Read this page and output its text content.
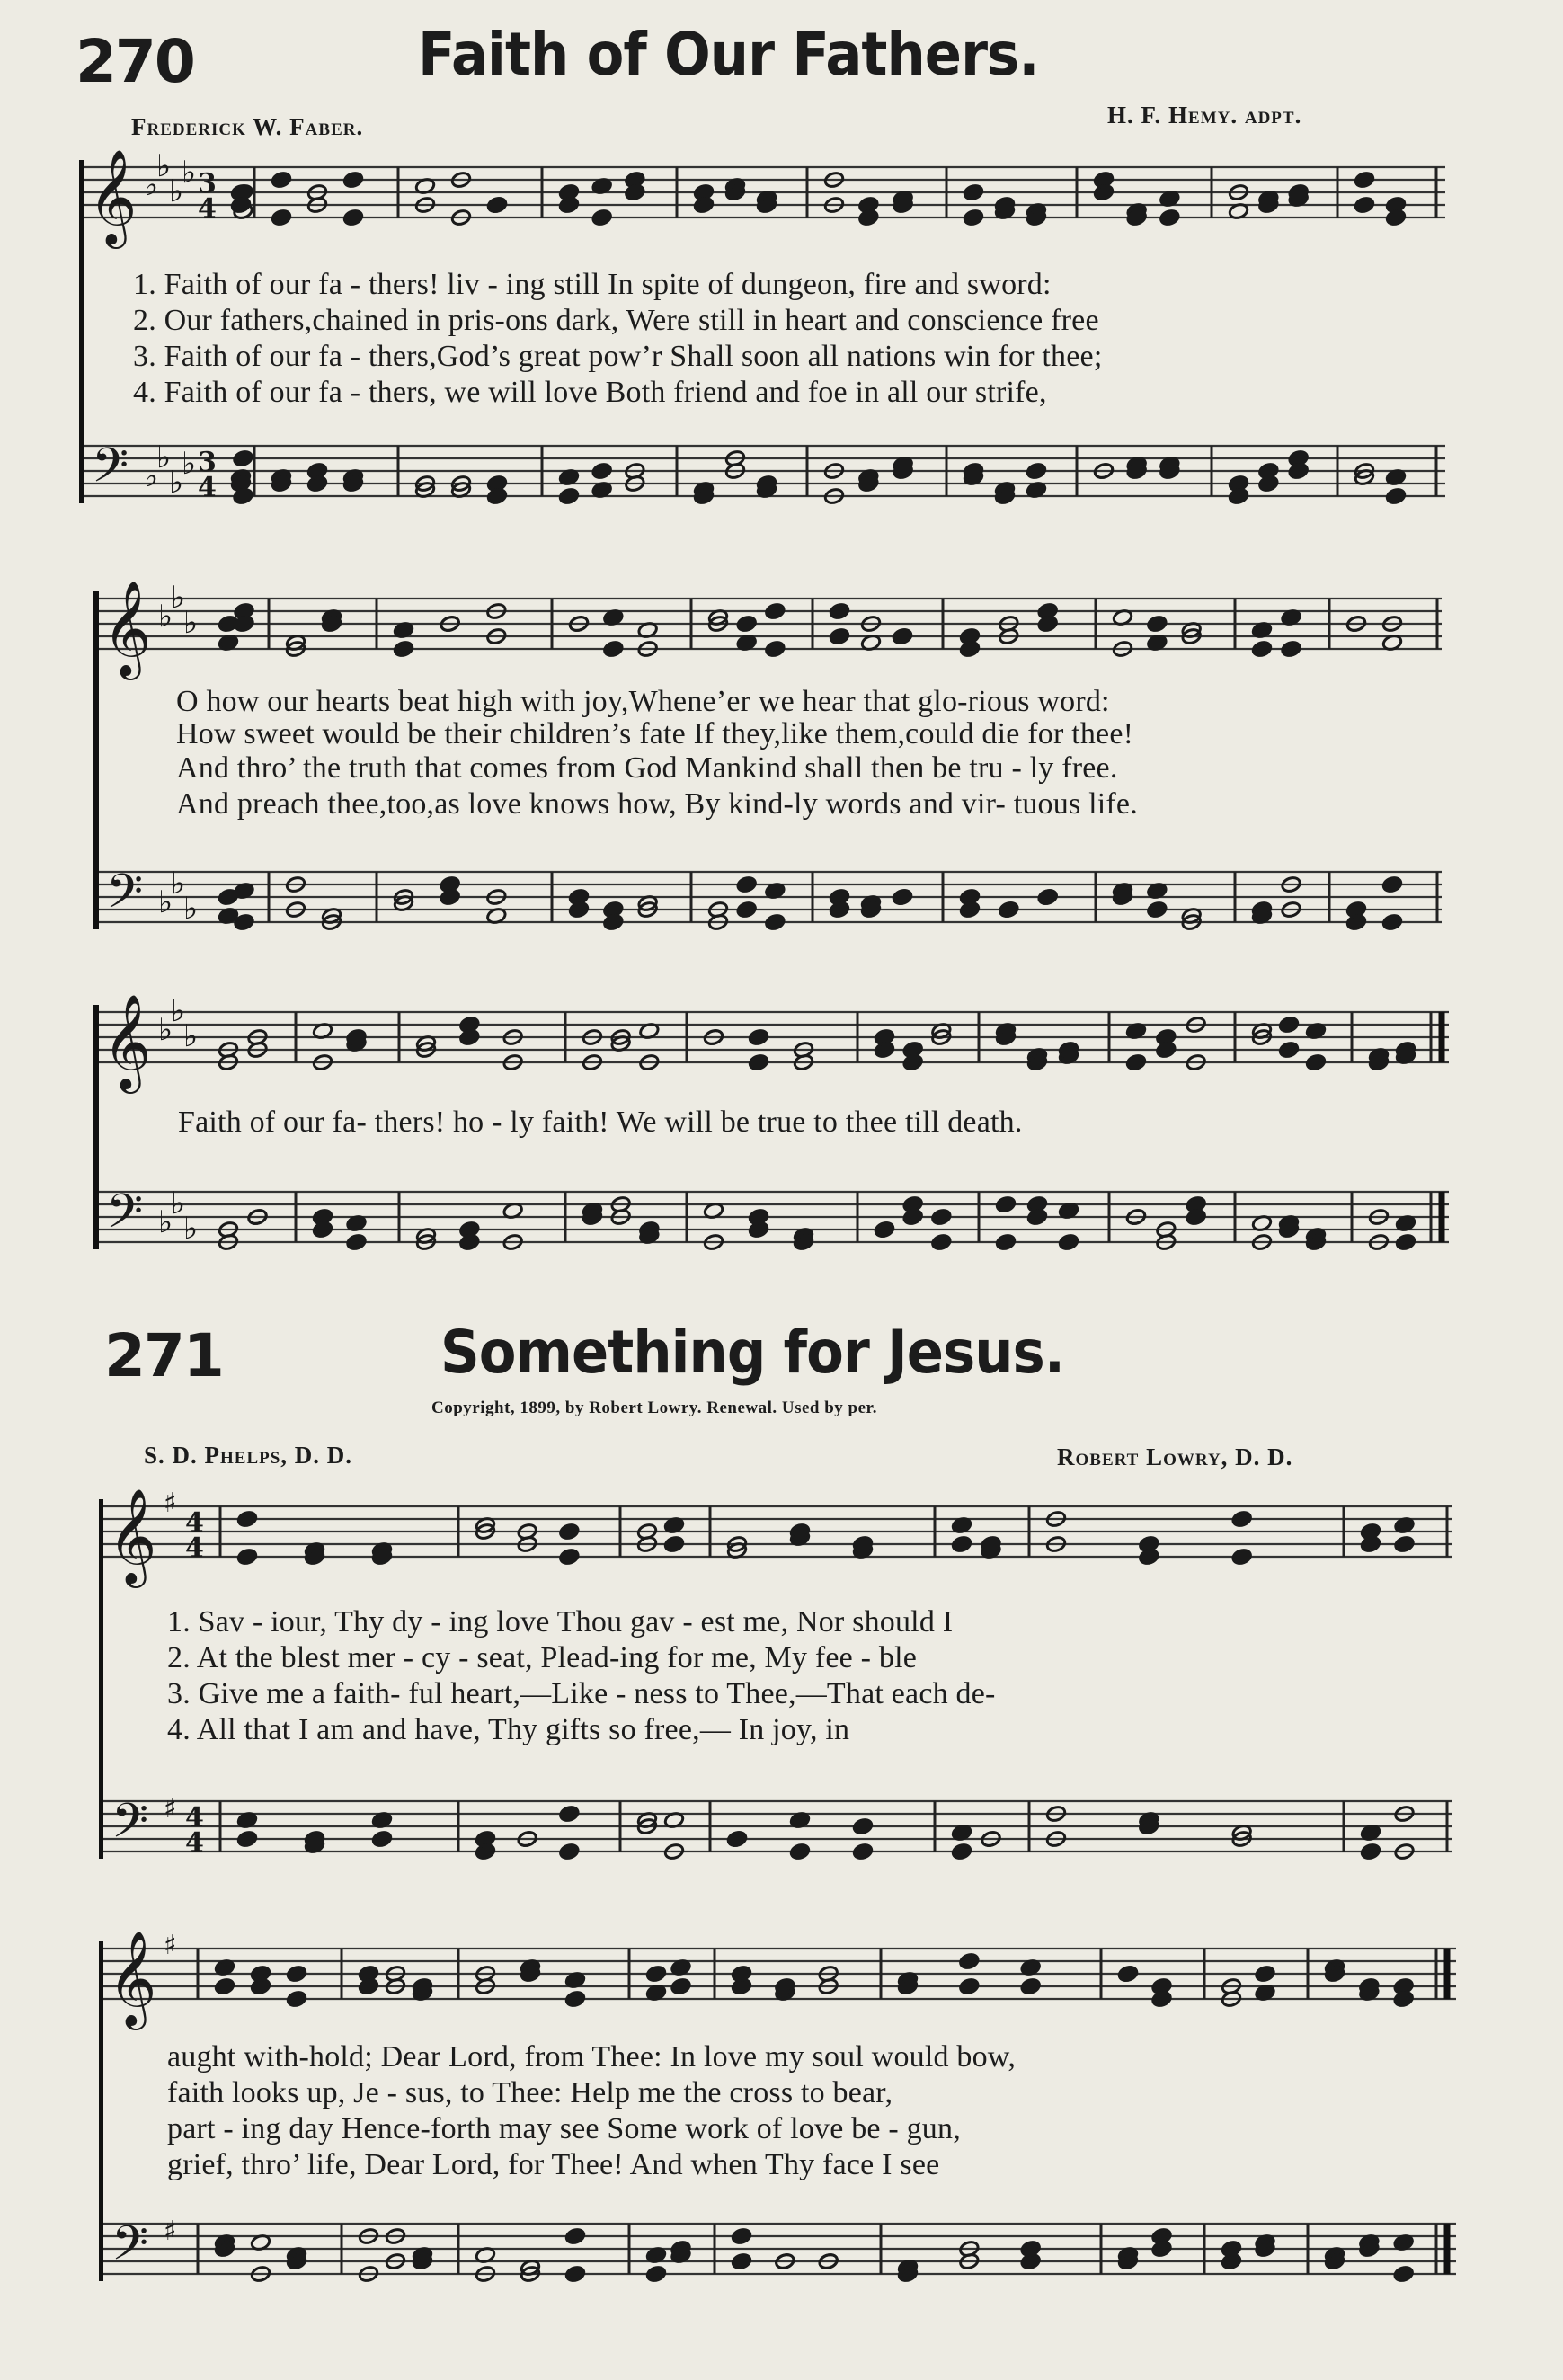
270	Faith of Our Fathers.
Frederick W. Faber.	H. F. Hemy. adpt.
𝄞 ♭
♭
♭
♭ 3
4
𝄢 ♭
♭
♭
♭ 3
4
1. Faith of our fa - thers! liv - ing still In spite of dungeon, fire and sword:
2. Our fathers,chained in pris-ons dark, Were still in heart and conscience free
3. Faith of our fa - thers,God’s great pow’r Shall soon all nations win for thee;
4. Faith of our fa - thers, we will love Both friend and foe in all our strife,
𝄞 ♭
♭
♭
𝄢 ♭
♭
♭
O how our hearts beat high with joy,Whene’er we hear that glo-rious word:
How sweet would be their children’s fate If they,like them,could die for thee!
And thro’ the truth that comes from God Mankind shall then be tru - ly free.
And preach thee,too,as love knows how, By kind-ly words and vir- tuous life.
𝄞 ♭
♭
♭
𝄢 ♭
♭
♭
Faith of our fa- thers! ho - ly faith! We will be true to thee till death.
271	Something for Jesus.
Copyright, 1899, by Robert Lowry. Renewal. Used by per.
S. D. Phelps, D. D.	Robert Lowry, D. D.
𝄞 ♯
4
4
𝄢 ♯ 4
4
1. Sav - iour, Thy dy - ing love Thou gav - est me, Nor should I
2. At the blest mer - cy - seat, Plead-ing for me, My fee - ble
3. Give me a faith- ful heart,—Like - ness to Thee,—That each de-
4. All that I am and have, Thy gifts so free,— In joy, in
𝄞 ♯
𝄢 ♯
aught with-hold; Dear Lord, from Thee: In love my soul would bow,
faith looks up, Je - sus, to Thee: Help me the cross to bear,
part - ing day Hence-forth may see Some work of love be - gun,
grief, thro’ life, Dear Lord, for Thee! And when Thy face I see
